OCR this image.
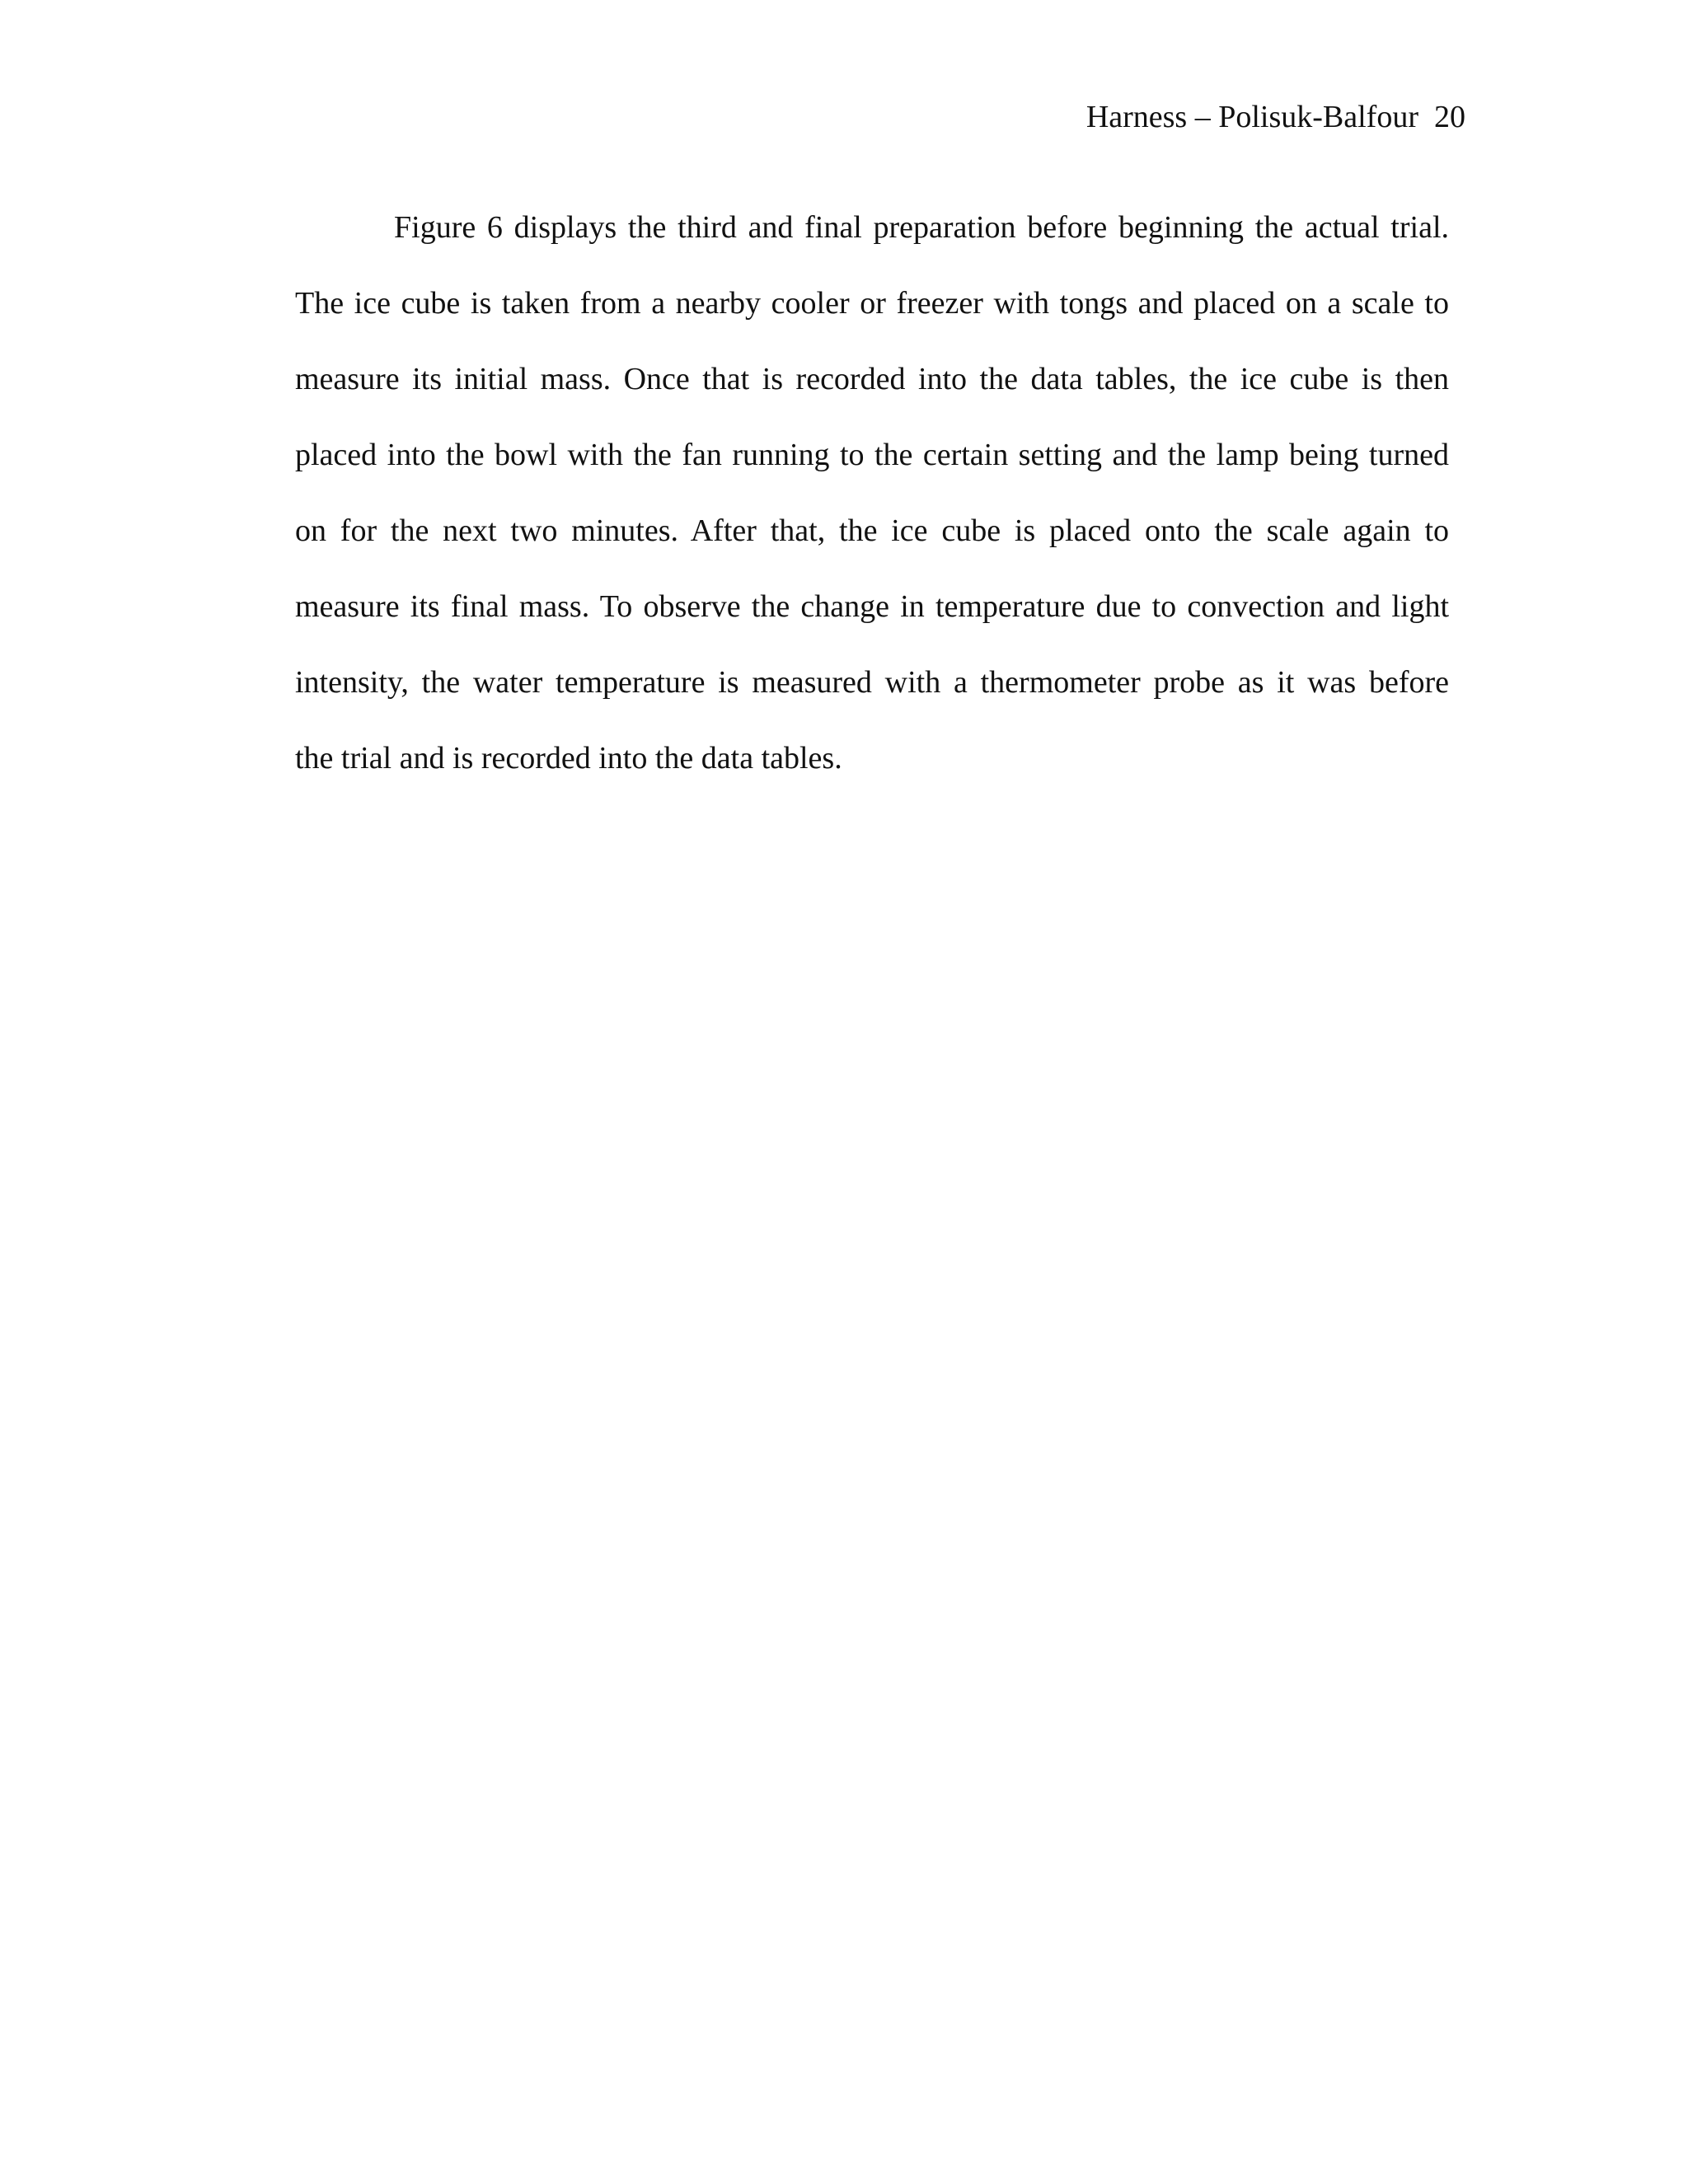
Harness – Polisuk-Balfour 20
Figure 6 displays the third and final preparation before beginning the actual trial.
The ice cube is taken from a nearby cooler or freezer with tongs and placed on a scale to
measure its initial mass. Once that is recorded into the data tables, the ice cube is then
placed into the bowl with the fan running to the certain setting and the lamp being turned
on for the next two minutes. After that, the ice cube is placed onto the scale again to
measure its final mass. To observe the change in temperature due to convection and light
intensity, the water temperature is measured with a thermometer probe as it was before
the trial and is recorded into the data tables.
